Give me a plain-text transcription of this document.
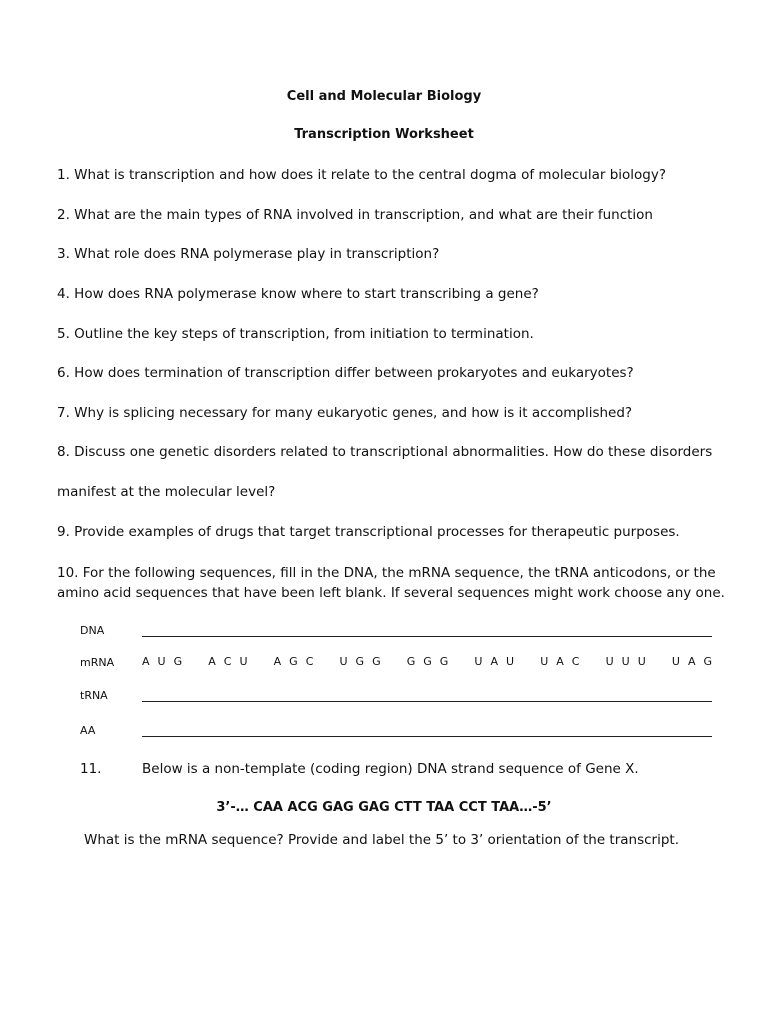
Cell and Molecular Biology
Transcription Worksheet
1. What is transcription and how does it relate to the central dogma of molecular biology?
2. What are the main types of RNA involved in transcription, and what are their function
3. What role does RNA polymerase play in transcription?
4. How does RNA polymerase know where to start transcribing a gene?
5. Outline the key steps of transcription, from initiation to termination.
6. How does termination of transcription differ between prokaryotes and eukaryotes?
7. Why is splicing necessary for many eukaryotic genes, and how is it accomplished?
8. Discuss one genetic disorders related to transcriptional abnormalities. How do these disorders
manifest at the molecular level?
9. Provide examples of drugs that target transcriptional processes for therapeutic purposes.
10. For the following sequences, fill in the DNA, the mRNA sequence, the tRNA anticodons, or the amino acid sequences that have been left blank. If several sequences might work choose any one.
DNA
mRNA	A U G A C U A G C U G G G G G U A U U A C U U U U A G
tRNA
AA
11.	Below is a non-template (coding region) DNA strand sequence of Gene X.
3’-… CAA ACG GAG GAG CTT TAA CCT TAA…-5’
What is the mRNA sequence? Provide and label the 5’ to 3’ orientation of the transcript.
